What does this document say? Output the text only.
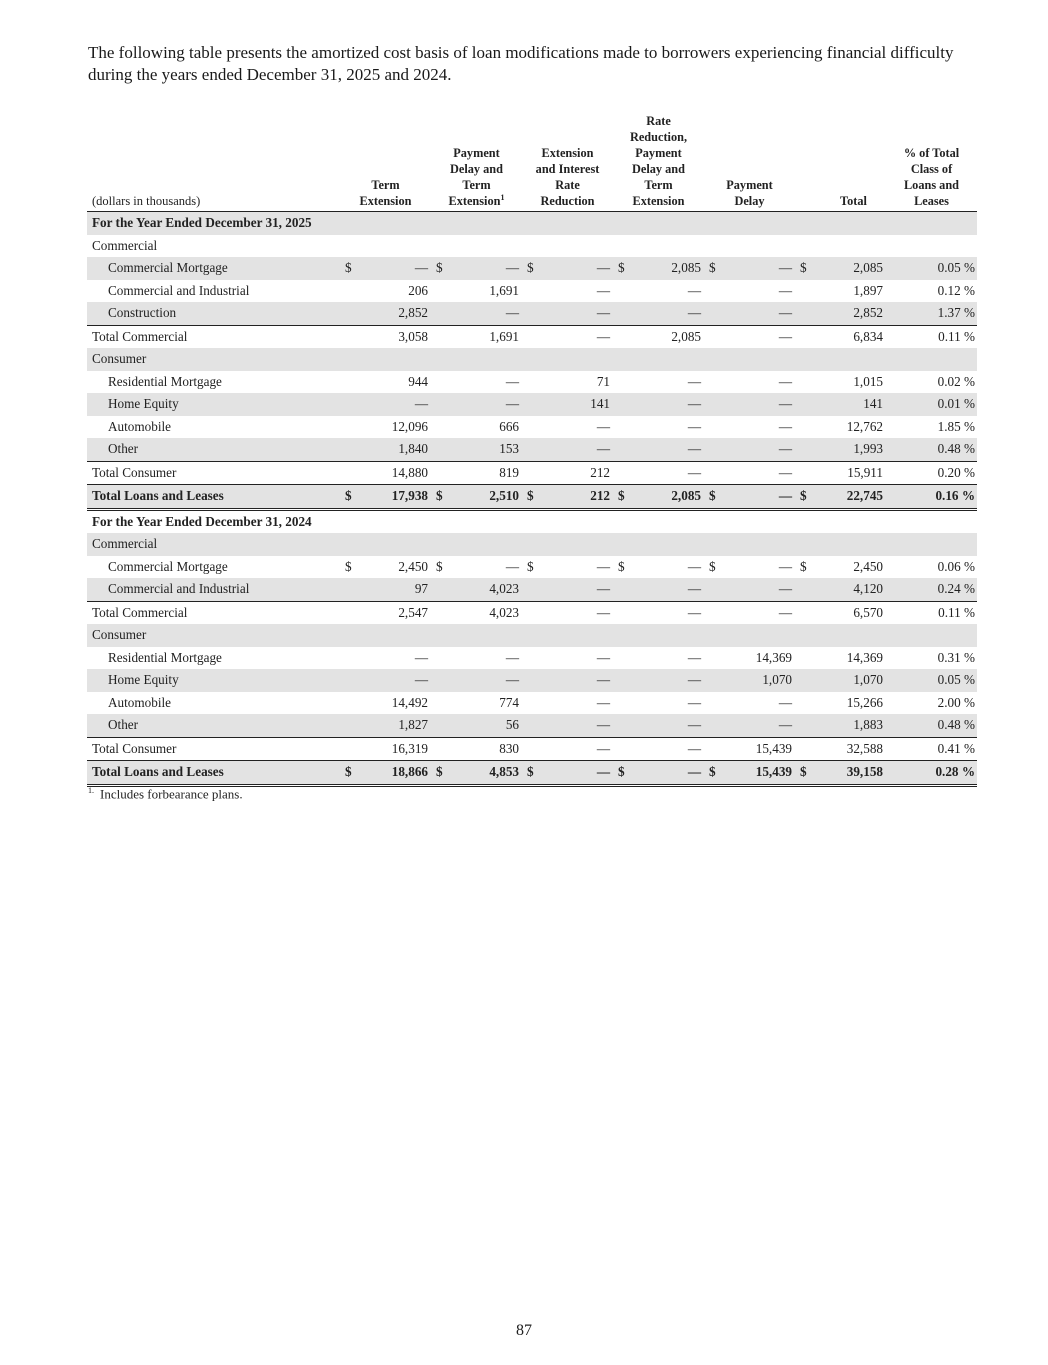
The following table presents the amortized cost basis of loan modifications made to borrowers experiencing financial difficulty during the years ended December 31, 2025 and 2024.
(dollars in thousands)	Term Extension	Payment Delay and Term Extension$^1$	Extension and Interest Rate Reduction	Rate Reduction, Payment Delay and Term Extension	Payment Delay	Total	% of Total Class of Loans and Leases

For the Year Ended December 31, 2025							
Commercial							
Commercial Mortgage	$ —	$ —	$ —	$ 2,085	$ —	$ 2,085	0.05 %
Commercial and Industrial	206	1,691	—	—	—	1,897	0.12 %
Construction	2,852	—	—	—	—	2,852	1.37 %
Total Commercial	3,058	1,691	—	2,085	—	6,834	0.11 %
Consumer							
Residential Mortgage	944	—	71	—	—	1,015	0.02 %
Home Equity	—	—	141	—	—	141	0.01 %
Automobile	12,096	666	—	—	—	12,762	1.85 %
Other	1,840	153	—	—	—	1,993	0.48 %
Total Consumer	14,880	819	212	—	—	15,911	0.20 %
Total Loans and Leases	$ 17,938	$ 2,510	$ 212	$ 2,085	$ —	$ 22,745	0.16 %
For the Year Ended December 31, 2024							
Commercial							
Commercial Mortgage	$ 2,450	$ —	$ —	$ —	$ —	$ 2,450	0.06 %
Commercial and Industrial	97	4,023	—	—	—	4,120	0.24 %
Total Commercial	2,547	4,023	—	—	—	6,570	0.11 %
Consumer							
Residential Mortgage	—	—	—	—	14,369	14,369	0.31 %
Home Equity	—	—	—	—	1,070	1,070	0.05 %
Automobile	14,492	774	—	—	—	15,266	2.00 %
Other	1,827	56	—	—	—	1,883	0.48 %
Total Consumer	16,319	830	—	—	15,439	32,588	0.41 %
Total Loans and Leases	$ 18,866	$ 4,853	$ —	$ —	$ 15,439	$ 39,158	0.28 %
$^{1.}$ Includes forbearance plans.
87
